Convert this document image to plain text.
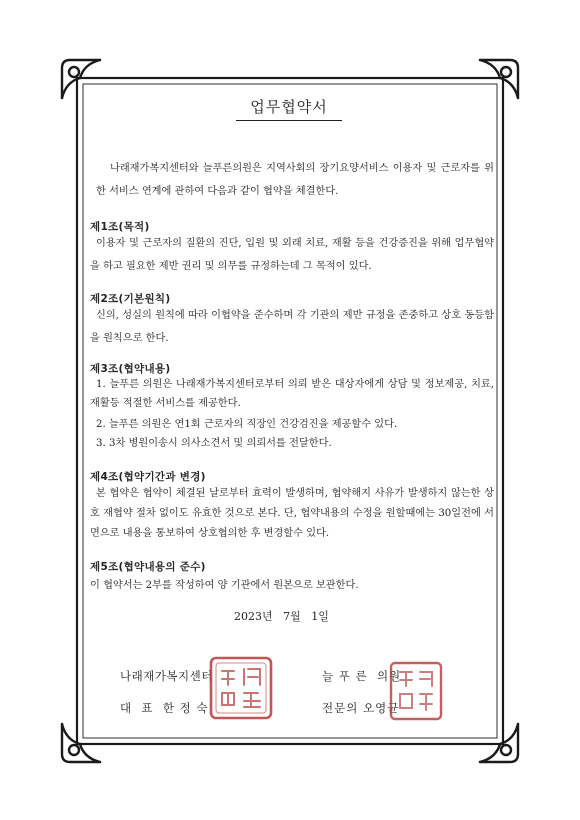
업무협약서
나래재가복지센터와 늘푸른의원은 지역사회의 장기요양서비스 이용자 및 근로자를 위한 서비스 연계에 관하여 다음과 같이 협약을 체결한다.
제1조(목적)
이용자 및 근로자의 질환의 진단, 입원 및 외래 치료, 재활 등을 건강증진을 위해 업무협약을 하고 필요한 제반 권리 및 의무를 규정하는데 그 목적이 있다.
제2조(기본원칙)
신의, 성실의 원칙에 따라 이협약을 준수하며 각 기관의 제반 규정을 존중하고 상호 동등함을 원칙으로 한다.
제3조(협약내용)
1. 늘푸른 의원은 나래재가복지센터로부터 의뢰 받은 대상자에게 상담 및 정보제공, 치료, 재활등 적절한 서비스를 제공한다.
2. 늘푸른 의원은 연1회 근로자의 직장인 건강검진을 제공할수 있다.
3. 3차 병원이송시 의사소견서 및 의뢰서를 전달한다.
제4조(협약기간과 변경)
본 협약은 협약이 체결된 날로부터 효력이 발생하며, 협약해지 사유가 발생하지 않는한 상호 재협약 절차 없이도 유효한 것으로 본다. 단, 협약내용의 수정을 원할때에는 30일전에 서면으로 내용을 통보하여 상호협의한 후 변경할수 있다.
제5조(협약내용의 준수)
이 협약서는 2부를 작성하여 양 기관에서 원본으로 보관한다.
2023년   7월   1일
나래재가복지센터
대  표  한 정 숙
늘 푸 른  의원
전문의 오영균
